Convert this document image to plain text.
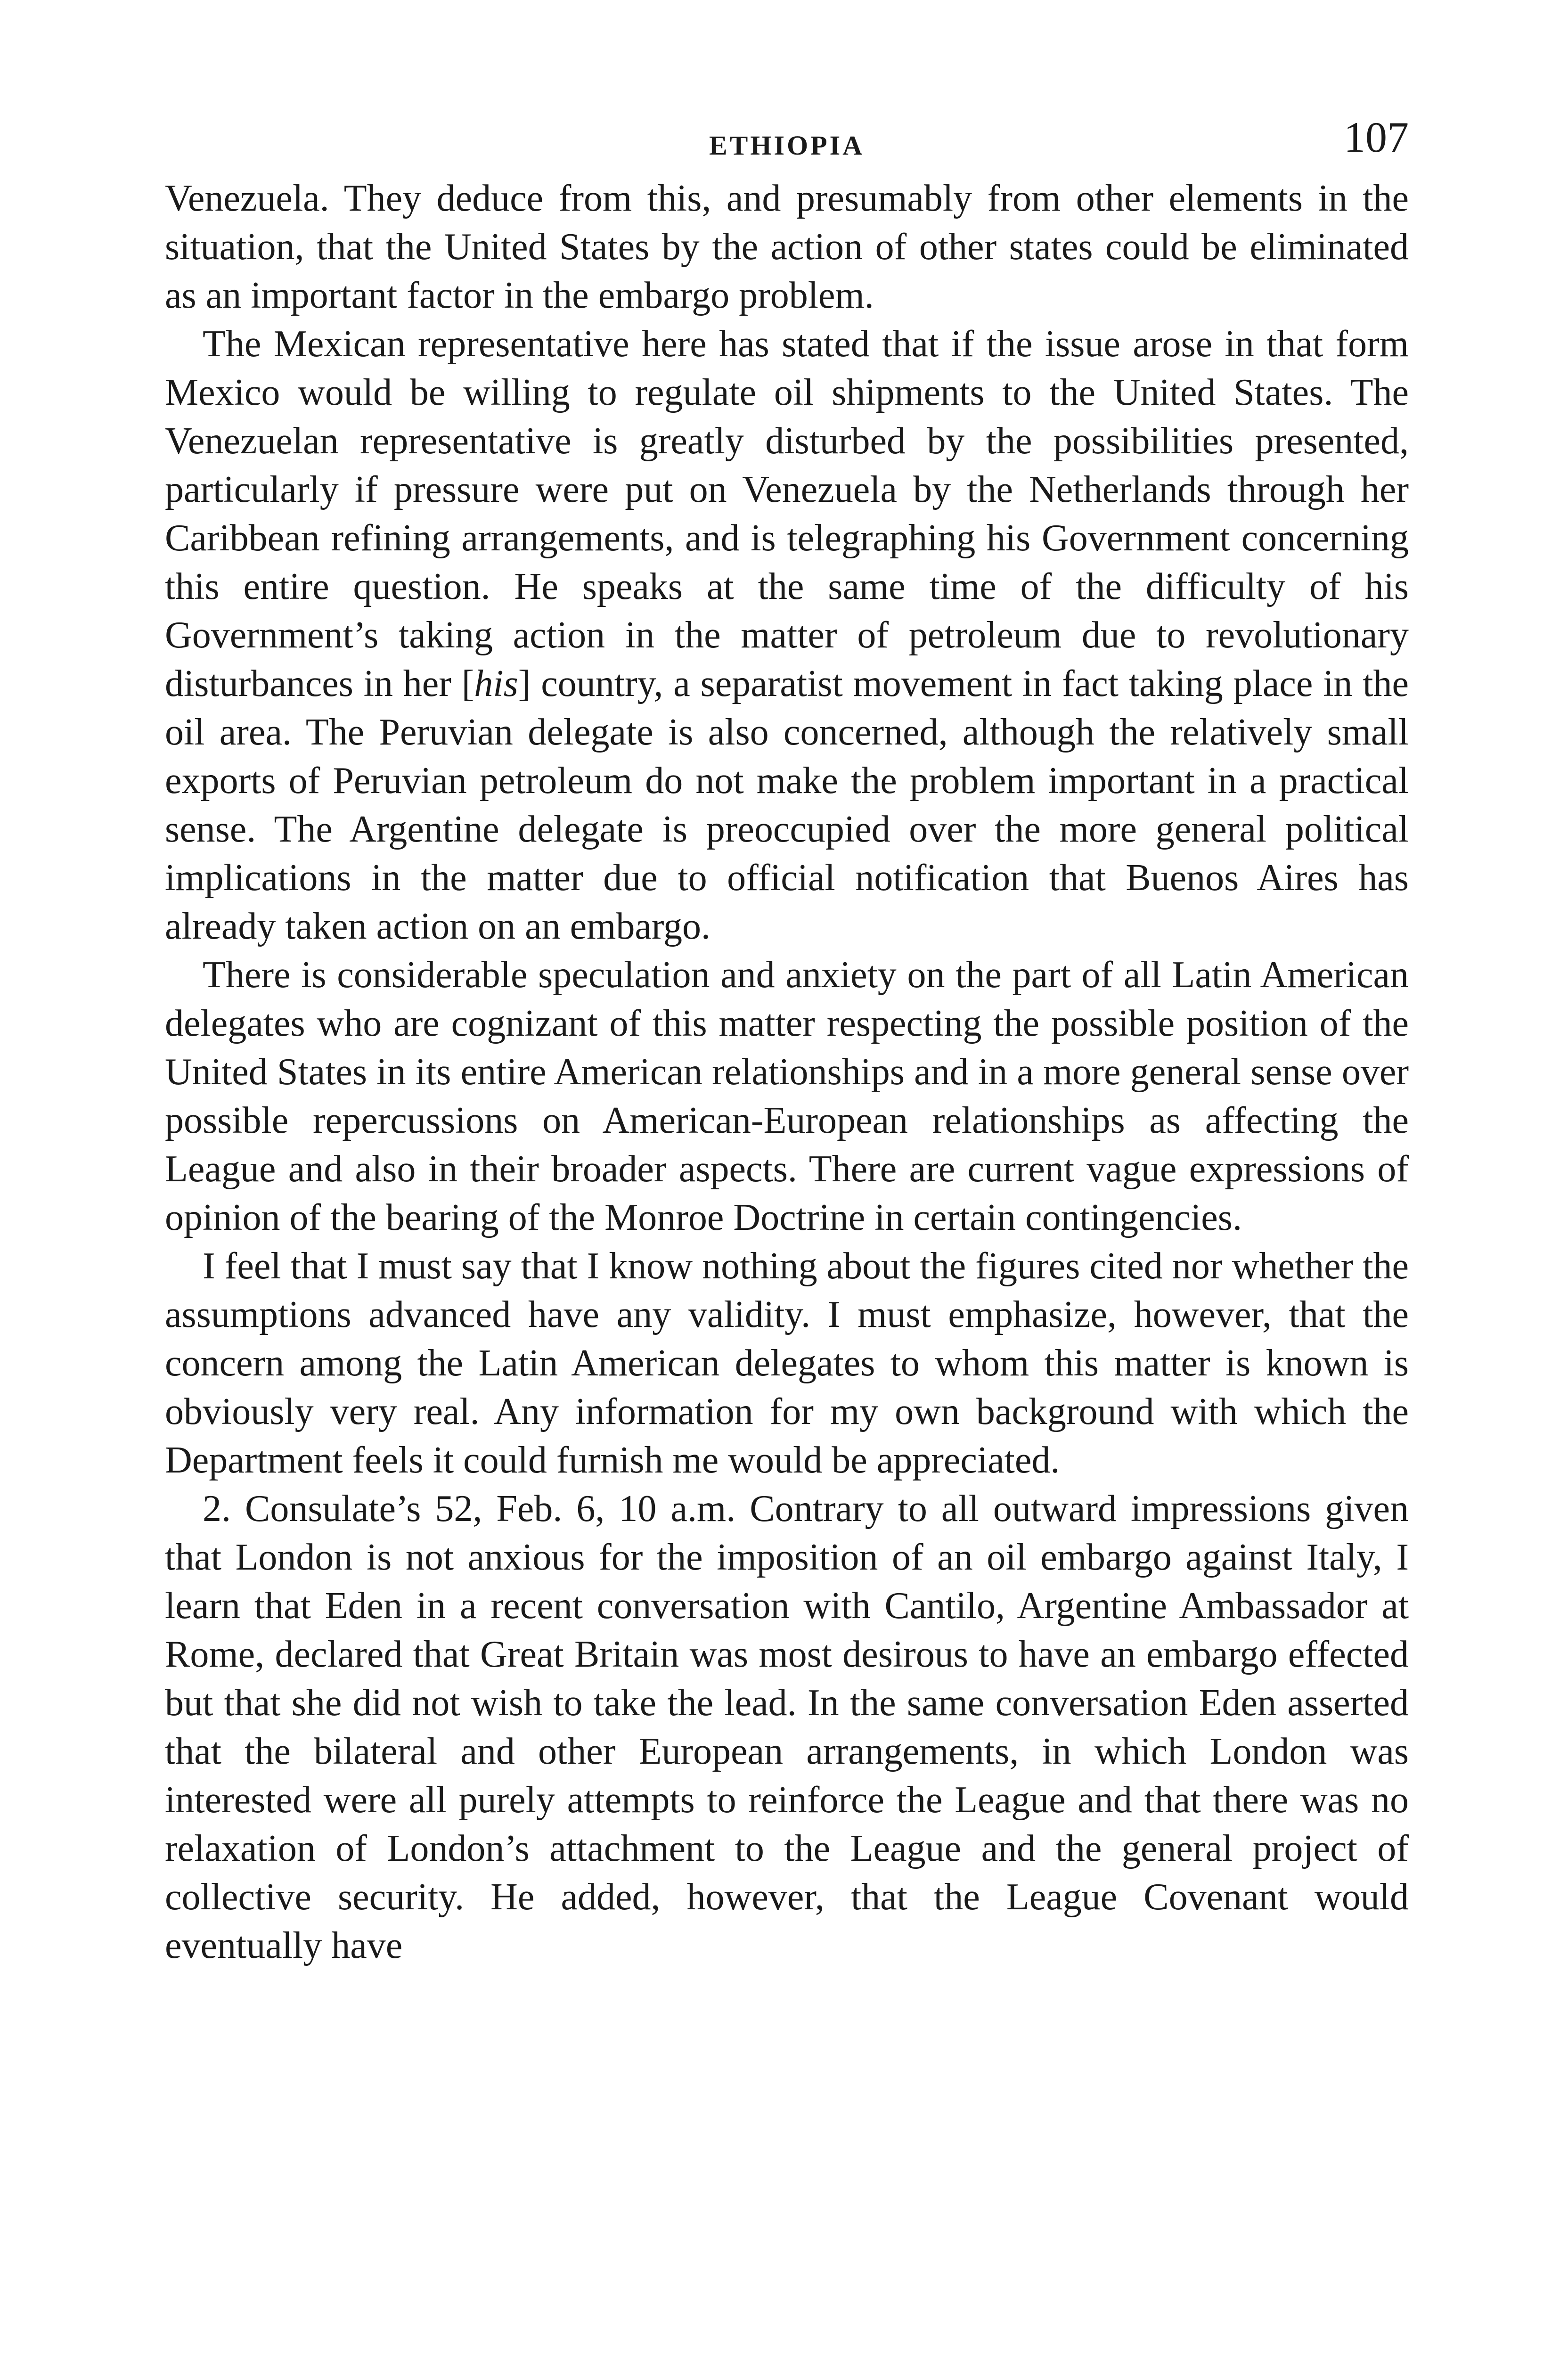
ETHIOPIA	107

Venezuela. They deduce from this, and presumably from other elements in the situation, that the United States by the action of other states could be eliminated as an important factor in the embargo problem.

The Mexican representative here has stated that if the issue arose in that form Mexico would be willing to regulate oil shipments to the United States. The Venezuelan representative is greatly disturbed by the possibilities presented, particularly if pressure were put on Venezuela by the Netherlands through her Caribbean refining arrangements, and is telegraphing his Government concerning this entire question. He speaks at the same time of the difficulty of his Government’s taking action in the matter of petroleum due to revolutionary disturbances in her [his] country, a separatist movement in fact taking place in the oil area. The Peruvian delegate is also concerned, although the relatively small exports of Peruvian petroleum do not make the problem important in a practical sense. The Argentine delegate is preoccupied over the more general political implications in the matter due to official notification that Buenos Aires has already taken action on an embargo.

There is considerable speculation and anxiety on the part of all Latin American delegates who are cognizant of this matter respecting the possible position of the United States in its entire American relationships and in a more general sense over possible repercussions on American-European relationships as affecting the League and also in their broader aspects. There are current vague expressions of opinion of the bearing of the Monroe Doctrine in certain contingencies.

I feel that I must say that I know nothing about the figures cited nor whether the assumptions advanced have any validity. I must emphasize, however, that the concern among the Latin American delegates to whom this matter is known is obviously very real. Any information for my own background with which the Department feels it could furnish me would be appreciated.

2. Consulate’s 52, Feb. 6, 10 a.m. Contrary to all outward impressions given that London is not anxious for the imposition of an oil embargo against Italy, I learn that Eden in a recent conversation with Cantilo, Argentine Ambassador at Rome, declared that Great Britain was most desirous to have an embargo effected but that she did not wish to take the lead. In the same conversation Eden asserted that the bilateral and other European arrangements, in which London was interested were all purely attempts to reinforce the League and that there was no relaxation of London’s attachment to the League and the general project of collective security. He added, however, that the League Covenant would eventually have
